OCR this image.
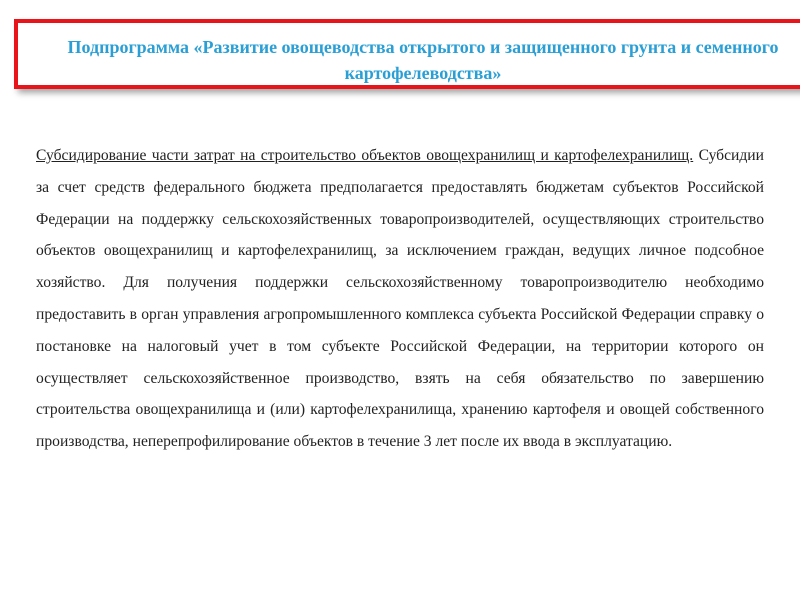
Подпрограмма «Развитие овощеводства открытого и защищенного грунта и семенного картофелеводства»

Субсидирование части затрат на строительство объектов овощехранилищ и картофелехранилищ. Субсидии за счет средств федерального бюджета предполагается предоставлять бюджетам субъектов Российской Федерации на поддержку сельскохозяйственных товаропроизводителей, осуществляющих строительство объектов овощехранилищ и картофелехранилищ, за исключением граждан, ведущих личное подсобное хозяйство. Для получения поддержки сельскохозяйственному товаропроизводителю необходимо предоставить в орган управления агропромышленного комплекса субъекта Российской Федерации справку о постановке на налоговый учет в том субъекте Российской Федерации, на территории которого он осуществляет сельскохозяйственное производство, взять на себя обязательство по завершению строительства овощехранилища и (или) картофелехранилища, хранению картофеля и овощей собственного производства, неперепрофилирование объектов в течение 3 лет после их ввода в эксплуатацию.
